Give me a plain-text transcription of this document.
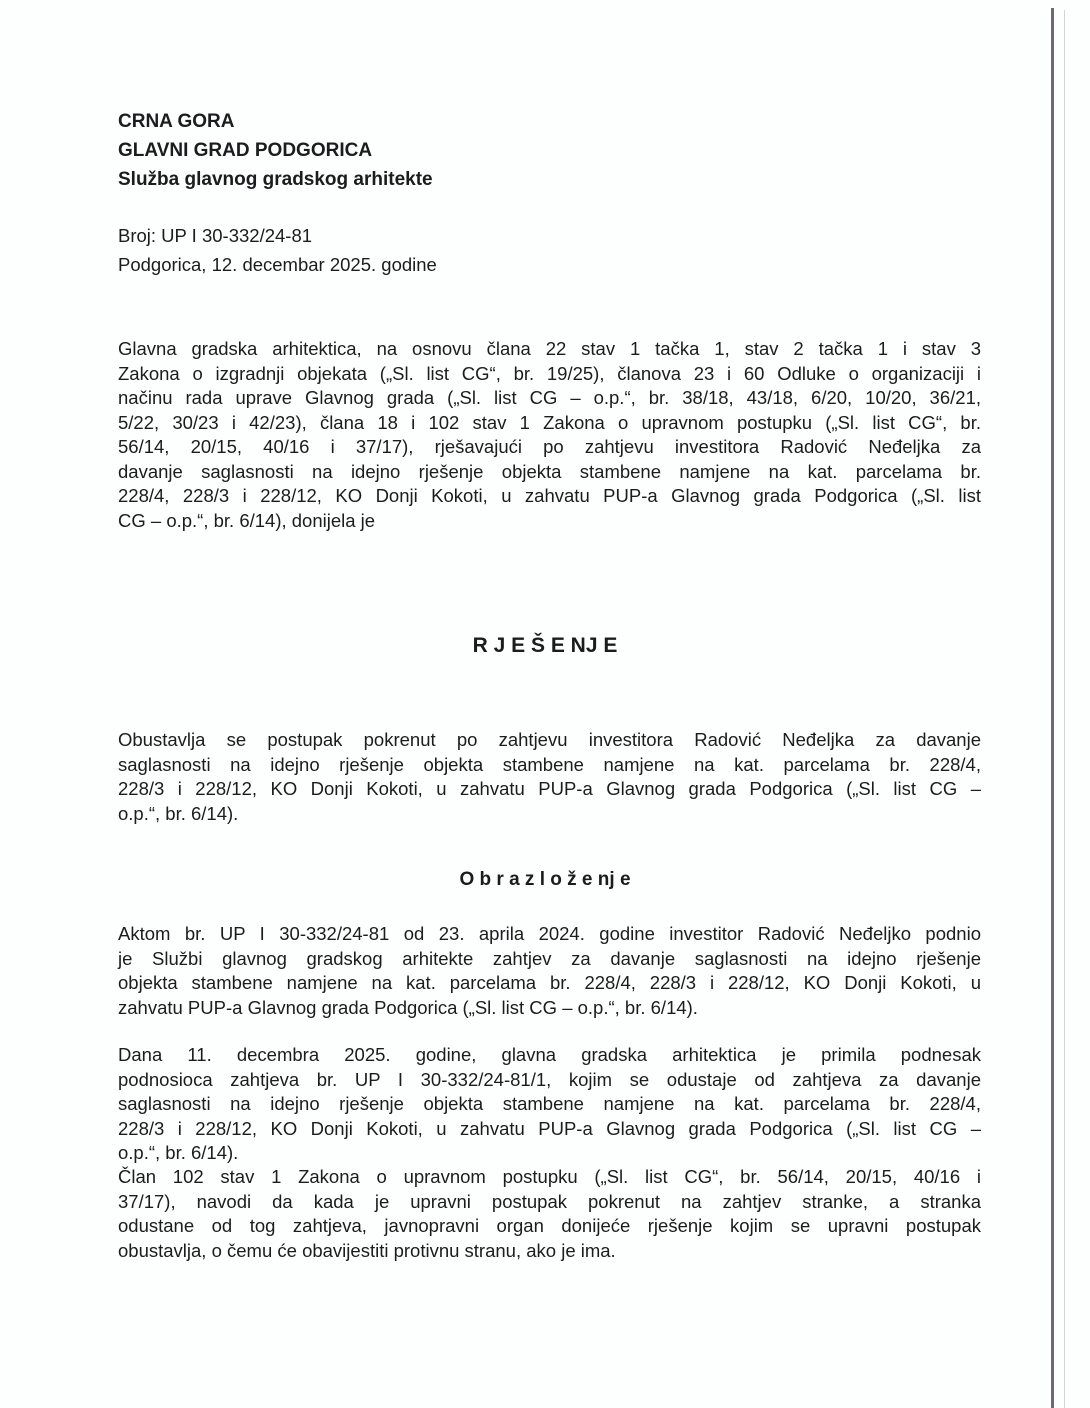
CRNA GORA
GLAVNI GRAD PODGORICA
Služba glavnog gradskog arhitekte
Broj: UP I 30-332/24-81
Podgorica, 12. decembar 2025. godine
Glavna gradska arhitektica, na osnovu člana 22 stav 1 tačka 1, stav 2 tačka 1 i stav 3
Zakona o izgradnji objekata („Sl. list CG“, br. 19/25), članova 23 i 60 Odluke o organizaciji i
načinu rada uprave Glavnog grada („Sl. list CG – o.p.“, br. 38/18, 43/18, 6/20, 10/20, 36/21,
5/22, 30/23 i 42/23), člana 18 i 102 stav 1 Zakona o upravnom postupku („Sl. list CG“, br.
56/14, 20/15, 40/16 i 37/17), rješavajući po zahtjevu investitora Radović Neđeljka za
davanje saglasnosti na idejno rješenje objekta stambene namjene na kat. parcelama br.
228/4, 228/3 i 228/12, KO Donji Kokoti, u zahvatu PUP-a Glavnog grada Podgorica („Sl. list
CG – o.p.“, br. 6/14), donijela je
R J E Š E NJ E
Obustavlja se postupak pokrenut po zahtjevu investitora Radović Neđeljka za davanje
saglasnosti na idejno rješenje objekta stambene namjene na kat. parcelama br. 228/4,
228/3 i 228/12, KO Donji Kokoti, u zahvatu PUP-a Glavnog grada Podgorica („Sl. list CG –
o.p.“, br. 6/14).
O b r a z l o ž e nj e
Aktom br. UP I 30-332/24-81 od 23. aprila 2024. godine investitor Radović Neđeljko podnio
je Službi glavnog gradskog arhitekte zahtjev za davanje saglasnosti na idejno rješenje
objekta stambene namjene na kat. parcelama br. 228/4, 228/3 i 228/12, KO Donji Kokoti, u
zahvatu PUP-a Glavnog grada Podgorica („Sl. list CG – o.p.“, br. 6/14).
Dana 11. decembra 2025. godine, glavna gradska arhitektica je primila podnesak
podnosioca zahtjeva br. UP I 30-332/24-81/1, kojim se odustaje od zahtjeva za davanje
saglasnosti na idejno rješenje objekta stambene namjene na kat. parcelama br. 228/4,
228/3 i 228/12, KO Donji Kokoti, u zahvatu PUP-a Glavnog grada Podgorica („Sl. list CG –
o.p.“, br. 6/14).
Član 102 stav 1 Zakona o upravnom postupku („Sl. list CG“, br. 56/14, 20/15, 40/16 i
37/17), navodi da kada je upravni postupak pokrenut na zahtjev stranke, a stranka
odustane od tog zahtjeva, javnopravni organ donijeće rješenje kojim se upravni postupak
obustavlja, o čemu će obavijestiti protivnu stranu, ako je ima.
